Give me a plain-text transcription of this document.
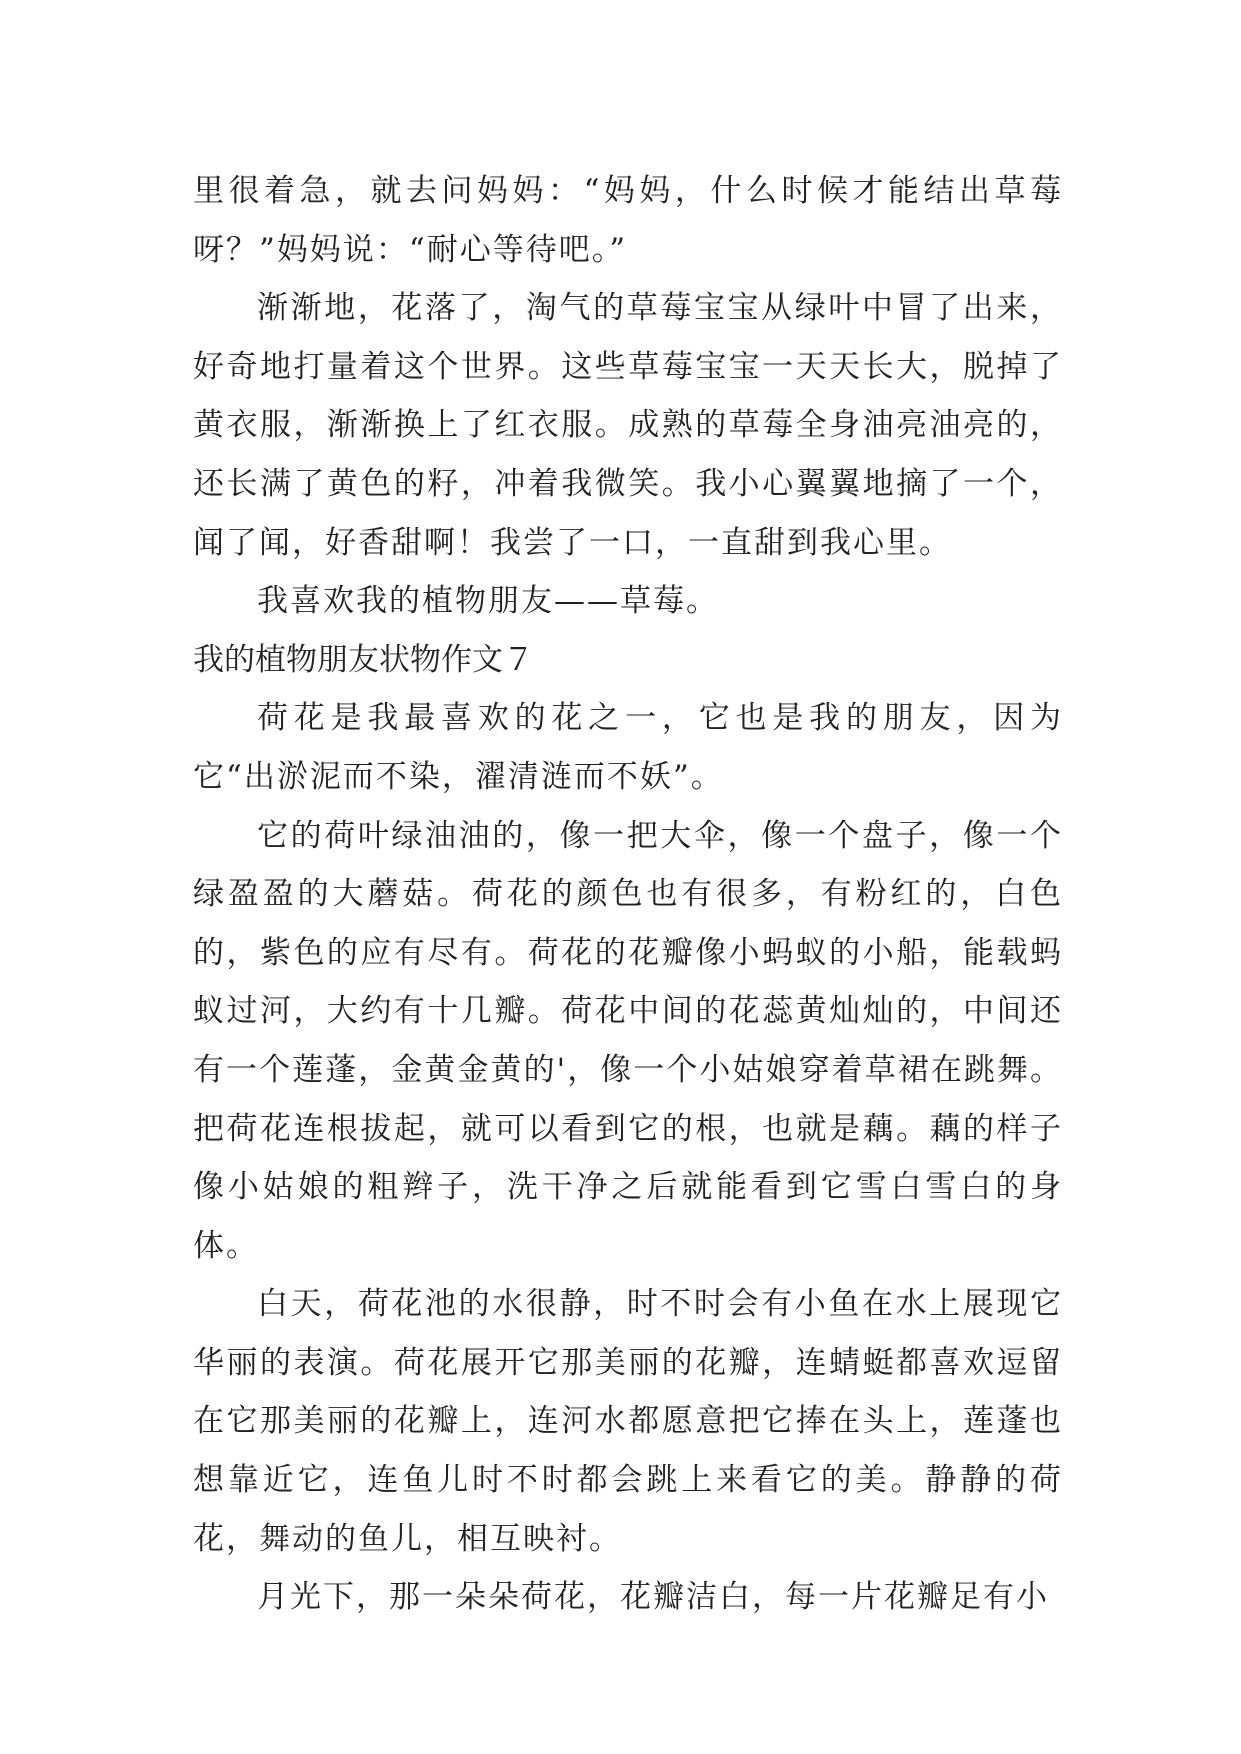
里很着急，就去问妈妈：“妈妈，什么时候才能结出草莓呀？”妈妈说：“耐心等待吧。”

渐渐地，花落了，淘气的草莓宝宝从绿叶中冒了出来，好奇地打量着这个世界。这些草莓宝宝一天天长大，脱掉了黄衣服，渐渐换上了红衣服。成熟的草莓全身油亮油亮的，还长满了黄色的籽，冲着我微笑。我小心翼翼地摘了一个，闻了闻，好香甜啊！我尝了一口，一直甜到我心里。

我喜欢我的植物朋友——草莓。

我的植物朋友状物作文７

荷花是我最喜欢的花之一，它也是我的朋友，因为它“出淤泥而不染，濯清涟而不妖”。

它的荷叶绿油油的，像一把大伞，像一个盘子，像一个绿盈盈的大蘑菇。荷花的颜色也有很多，有粉红的，白色的，紫色的应有尽有。荷花的花瓣像小蚂蚁的小船，能载蚂蚁过河，大约有十几瓣。荷花中间的花蕊黄灿灿的，中间还有一个莲蓬，金黄金黄的'，像一个小姑娘穿着草裙在跳舞。把荷花连根拔起，就可以看到它的根，也就是藕。藕的样子像小姑娘的粗辫子，洗干净之后就能看到它雪白雪白的身体。

白天，荷花池的水很静，时不时会有小鱼在水上展现它华丽的表演。荷花展开它那美丽的花瓣，连蜻蜓都喜欢逗留在它那美丽的花瓣上，连河水都愿意把它捧在头上，莲蓬也想靠近它，连鱼儿时不时都会跳上来看它的美。静静的荷花，舞动的鱼儿，相互映衬。

月光下，那一朵朵荷花，花瓣洁白，每一片花瓣足有小
